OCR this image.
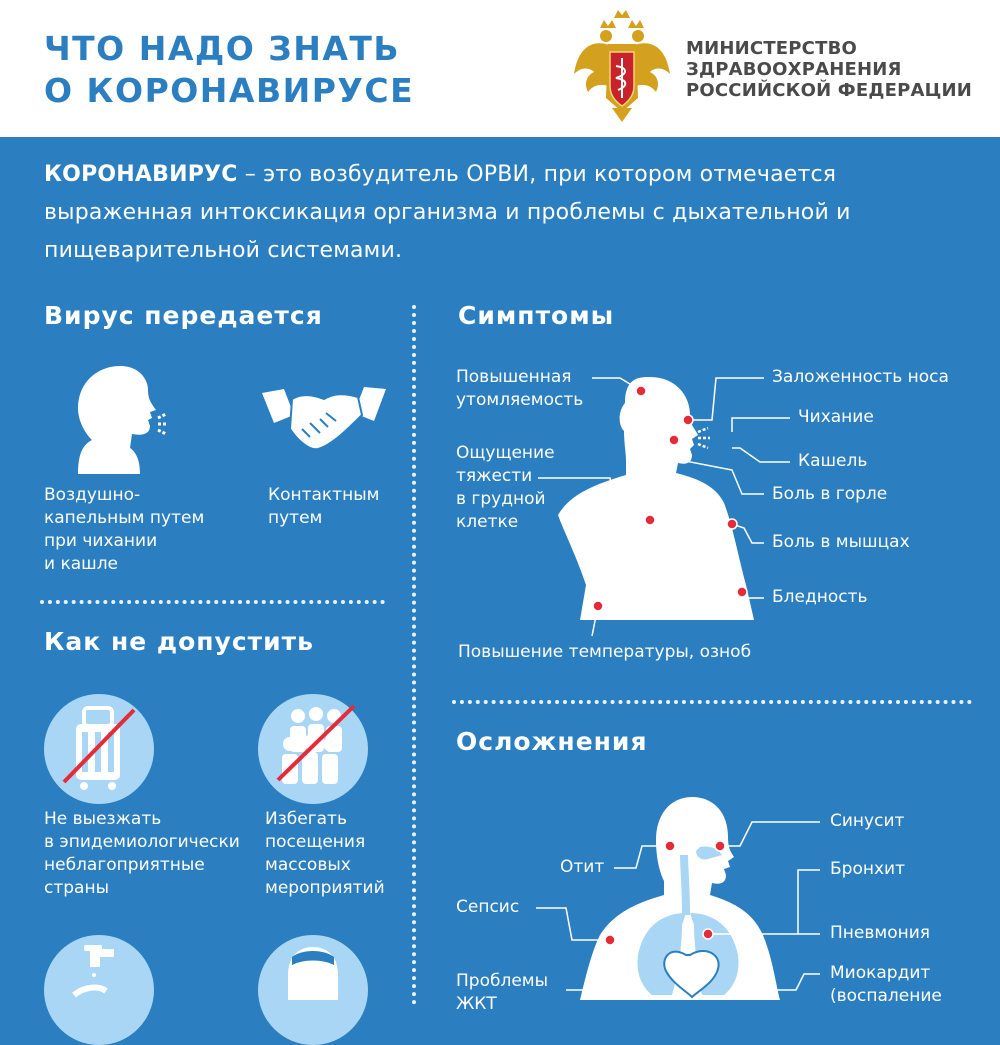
ЧТО НАДО ЗНАТЬ
О КОРОНАВИРУСЕ
МИНИСТЕРСТВО
ЗДРАВООХРАНЕНИЯ
РОССИЙСКОЙ ФЕДЕРАЦИИ
КОРОНАВИРУС – это возбудитель ОРВИ, при котором отмечается выраженная интоксикация организма и проблемы с дыхательной и пищеварительной системами.
Вирус передается
Воздушно-
капельным путем
при чихании
и кашле
Контактным
путем
Как не допустить
Не выезжать
в эпидемиологически
неблагоприятные
страны
Избегать
посещения
массовых
мероприятий
Симптомы
Повышенная
утомляемость
Ощущение
тяжести
в грудной
клетке
Заложенность носа
Чихание
Кашель
Боль в горле
Боль в мышцах
Бледность
Повышение температуры, озноб
Осложнения
Синусит
Отит	Бронхит
Сепсис
Пневмония
Проблемы
ЖКТ
Миокардит
(воспаление
